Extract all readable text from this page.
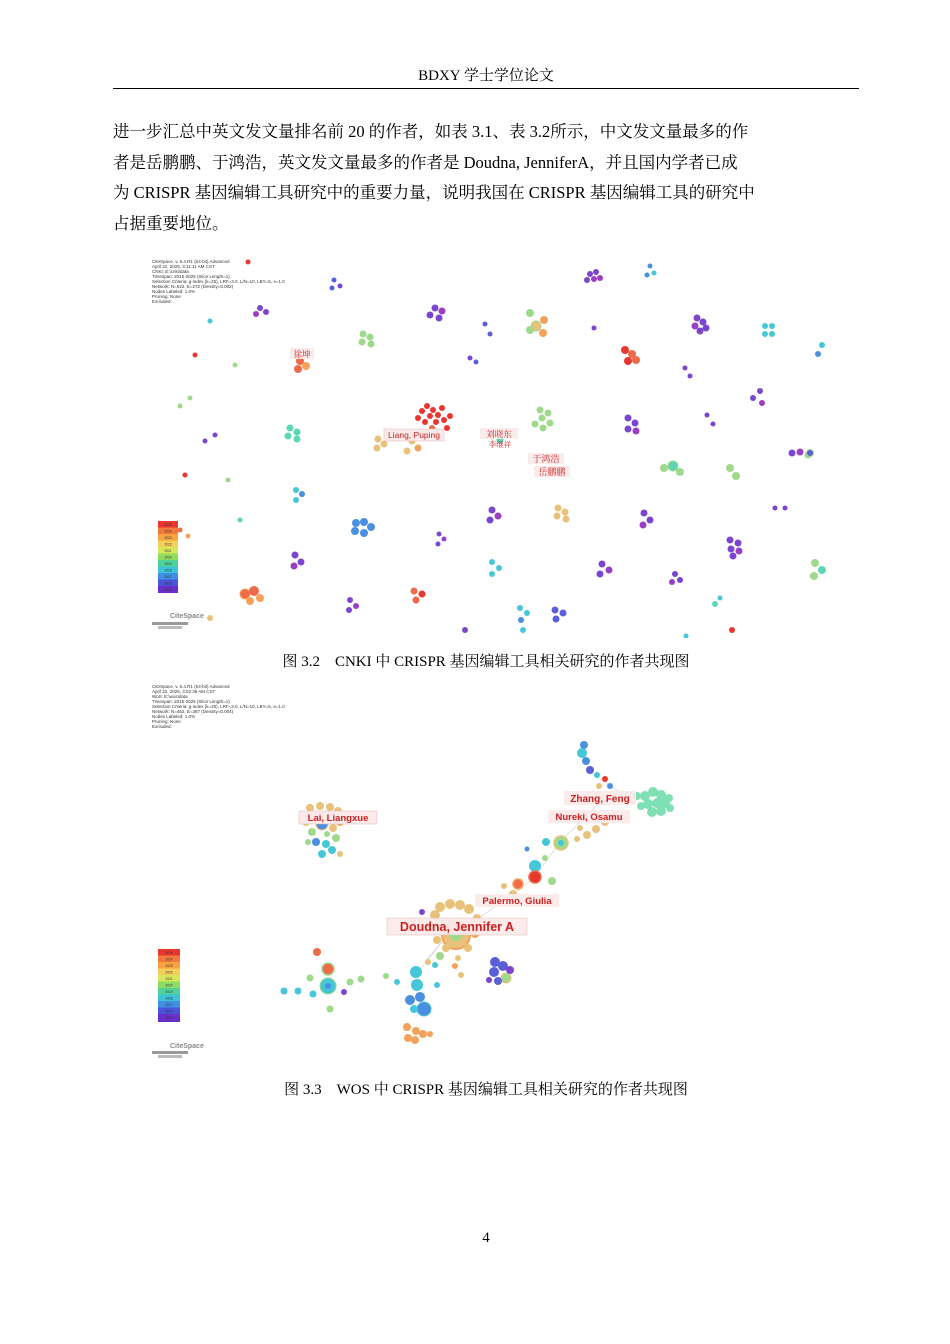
BDXY 学士学位论文
进一步汇总中英文发文量排名前 20 的作者，如表 3.1、表 3.2所示，中文发文量最多的作
者是岳鹏鹏、于鸿浩，英文发文量最多的作者是 Doudna, JenniferA，并且国内学者已成
为 CRISPR 基因编辑工具研究中的重要力量，说明我国在 CRISPR 基因编辑工具的研究中
占据重要地位。
CiteSpace, v. 6.4.R1 (64-bit) Advanced
April 22, 2025, 3:11:11 AM CST
CNKI: E:\cnki\data
Timespan: 2015-2025 (Slice Length=1)
Selection Criteria: g-index (k=25), LRF=3.0, L/N=10, LBY=5, e=1.0
Network: N=522, E=272 (Density=0.002)
Nodes Labeled: 1.0%
Pruning: None
Excluded:
徐坤
Liang, Puping	刘晓东
李继祥
于鸿浩
岳鹏鹏
2025
2024
2023
2022
2021
2020
2019
2018
2017
2016
2015
CiteSpace
图 3.2　CNKI 中 CRISPR 基因编辑工具相关研究的作者共现图
CiteSpace, v. 6.4.R1 (64-bit) Advanced
April 22, 2025, 3:02:38 AM CST
WoS: E:\wos\data
Timespan: 2015-2025 (Slice Length=1)
Selection Criteria: g-index (k=25), LRF=3.0, L/N=10, LBY=5, e=1.0
Network: N=462, E=387 (Density=0.004)
Nodes Labeled: 1.0%
Pruning: None
Excluded:
Zhang, Feng
Nureki, Osamu
Lai, Liangxue
Palermo, Giulia
Doudna, Jennifer A
2025
2024
2023
2022
2021
2020
2019
2018
2017
2016
2015
CiteSpace
图 3.3　WOS 中 CRISPR 基因编辑工具相关研究的作者共现图
4
